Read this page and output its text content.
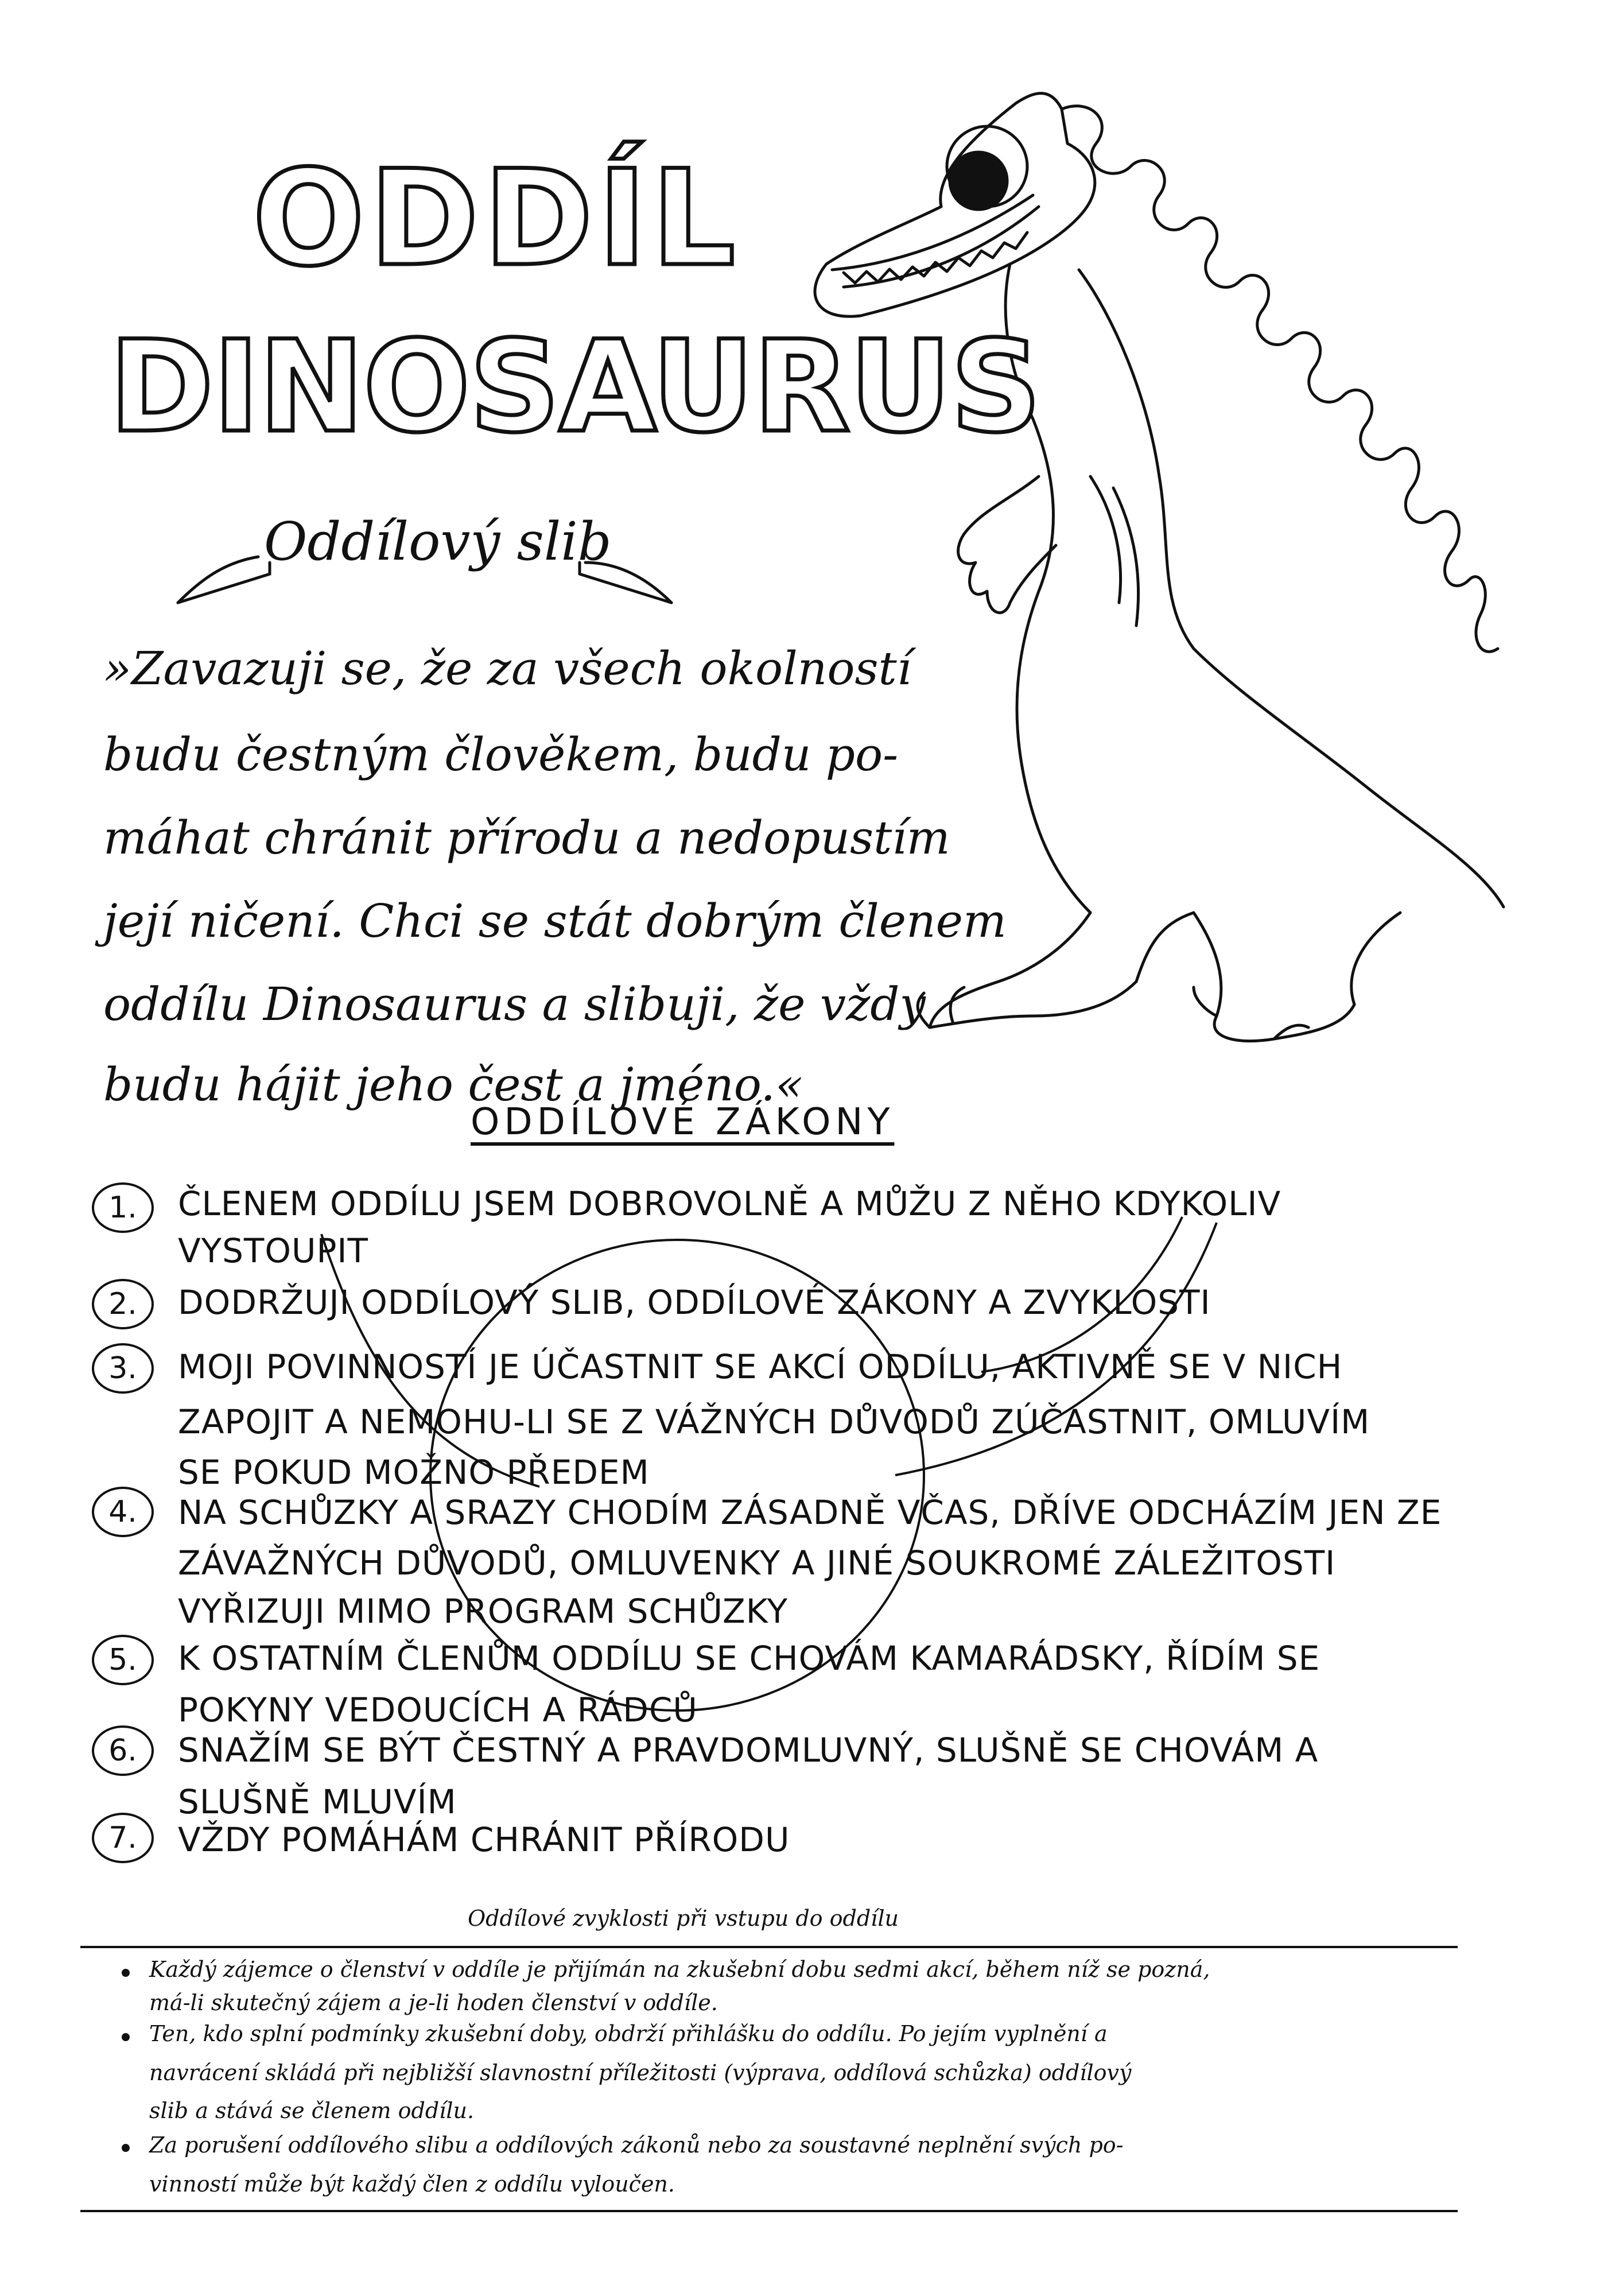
ODDÍL
DINOSAURUS
Oddílový slib
»Zavazuji se, že za všech okolností
budu čestným člověkem, budu po-
máhat chránit přírodu a nedopustím
její ničení. Chci se stát dobrým členem
oddílu Dinosaurus a slibuji, že vždy
budu hájit jeho čest a jméno.«
ODDÍLOVÉ ZÁKONY
1.	ČLENEM ODDÍLU JSEM DOBROVOLNĚ A MŮŽU Z NĚHO KDYKOLIV
VYSTOUPIT
2.	DODRŽUJI ODDÍLOVÝ SLIB, ODDÍLOVÉ ZÁKONY A ZVYKLOSTI
3.	MOJI POVINNOSTÍ JE ÚČASTNIT SE AKCÍ ODDÍLU, AKTIVNĚ SE V NICH
ZAPOJIT A NEMOHU-LI SE Z VÁŽNÝCH DŮVODŮ ZÚČASTNIT, OMLUVÍM
SE POKUD MOŽNO PŘEDEM
4.	NA SCHŮZKY A SRAZY CHODÍM ZÁSADNĚ VČAS, DŘÍVE ODCHÁZÍM JEN ZE
ZÁVAŽNÝCH DŮVODŮ, OMLUVENKY A JINÉ SOUKROMÉ ZÁLEŽITOSTI
VYŘIZUJI MIMO PROGRAM SCHŮZKY
5.	K OSTATNÍM ČLENŮM ODDÍLU SE CHOVÁM KAMARÁDSKY, ŘÍDÍM SE
POKYNY VEDOUCÍCH A RÁDCŮ
6.	SNAŽÍM SE BÝT ČESTNÝ A PRAVDOMLUVNÝ, SLUŠNĚ SE CHOVÁM A
SLUŠNĚ MLUVÍM
7.	VŽDY POMÁHÁM CHRÁNIT PŘÍRODU
Oddílové zvyklosti při vstupu do oddílu
Každý zájemce o členství v oddíle je přijímán na zkušební dobu sedmi akcí, během níž se pozná,
má-li skutečný zájem a je-li hoden členství v oddíle.
Ten, kdo splní podmínky zkušební doby, obdrží přihlášku do oddílu. Po jejím vyplnění a
navrácení skládá při nejbližší slavnostní příležitosti (výprava, oddílová schůzka) oddílový
slib a stává se členem oddílu.
Za porušení oddílového slibu a oddílových zákonů nebo za soustavné neplnění svých po-
vinností může být každý člen z oddílu vyloučen.
